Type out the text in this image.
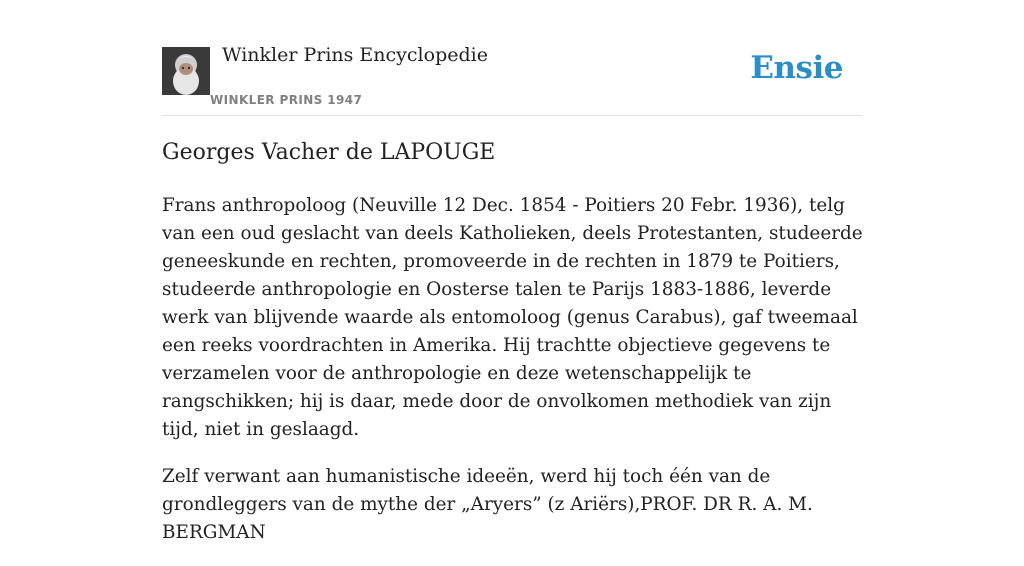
Winkler Prins Encyclopedie
WINKLER PRINS 1947
Ensie
Georges Vacher de LAPOUGE

Frans anthropoloog (Neuville 12 Dec. 1854 - Poitiers 20 Febr. 1936), telg van een oud geslacht van deels Katholieken, deels Protestanten, studeerde geneeskunde en rechten, promoveerde in de rechten in 1879 te Poitiers, studeerde anthropologie en Oosterse talen te Parijs 1883-1886, leverde werk van blijvende waarde als entomoloog (genus Carabus), gaf tweemaal een reeks voordrachten in Amerika. Hij trachtte objectieve gegevens te verzamelen voor de anthropologie en deze wetenschappelijk te rangschikken; hij is daar, mede door de onvolkomen methodiek van zijn tijd, niet in geslaagd.

Zelf verwant aan humanistische ideeën, werd hij toch één van de grondleggers van de mythe der „Aryers” (z Ariërs),PROF. DR R. A. M. BERGMAN
